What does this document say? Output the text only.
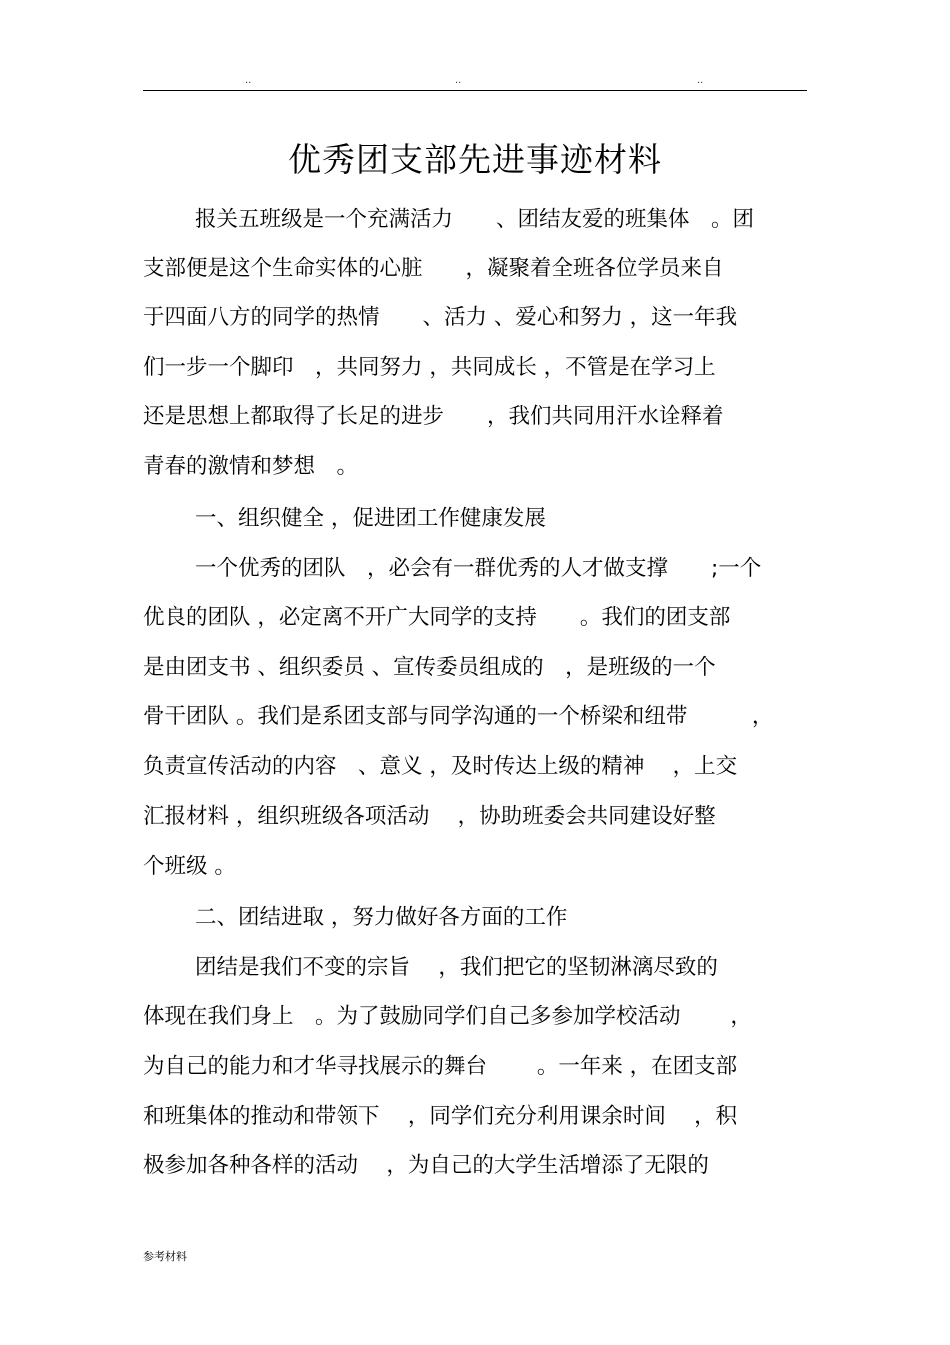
..	..	..
优秀团支部先进事迹材料
报关五班级是一个充满活力　　、团结友爱的班集体　。团
支部便是这个生命实体的心脏　　，凝聚着全班各位学员来自
于四面八方的同学的热情　　、活力 、爱心和努力 ，这一年我
们一步一个脚印　，共同努力 ，共同成长 ，不管是在学习上
还是思想上都取得了长足的进步　　，我们共同用汗水诠释着
青春的激情和梦想　。
一、组织健全 ，促进团工作健康发展
一个优秀的团队　，必会有一群优秀的人才做支撑　　;一个
优良的团队 ，必定离不开广大同学的支持　　。我们的团支部
是由团支书 、组织委员 、宣传委员组成的　，是班级的一个
骨干团队 。我们是系团支部与同学沟通的一个桥梁和纽带　　　，
负责宣传活动的内容　、意义 ，及时传达上级的精神　 ，上交
汇报材料 ，组织班级各项活动　 ，协助班委会共同建设好整
个班级 。
二、团结进取 ，努力做好各方面的工作
团结是我们不变的宗旨　 ，我们把它的坚韧淋漓尽致的
体现在我们身上　。为了鼓励同学们自己多参加学校活动　　 ，
为自己的能力和才华寻找展示的舞台　　 。一年来 ，在团支部
和班集体的推动和带领下　 ，同学们充分利用课余时间　 ，积
极参加各种各样的活动　 ，为自己的大学生活增添了无限的
参考材料
